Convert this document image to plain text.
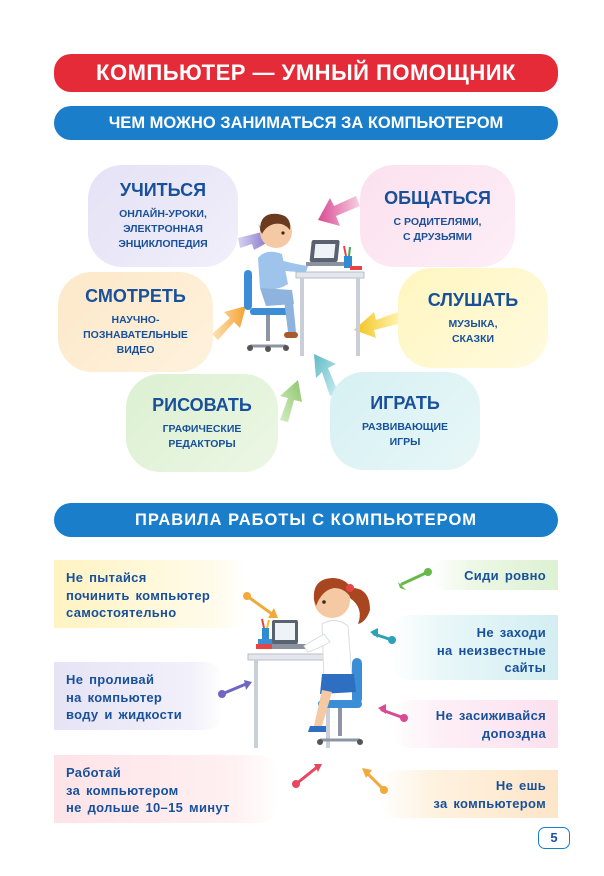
КОМПЬЮТЕР — УМНЫЙ ПОМОЩНИК
ЧЕМ МОЖНО ЗАНИМАТЬСЯ ЗА КОМПЬЮТЕРОМ
УЧИТЬСЯ
ОНЛАЙН-УРОКИ,
ЭЛЕКТРОННАЯ
ЭНЦИКЛОПЕДИЯ
ОБЩАТЬСЯ
С РОДИТЕЛЯМИ,
С ДРУЗЬЯМИ
СМОТРЕТЬ
НАУЧНО-
ПОЗНАВАТЕЛЬНЫЕ
ВИДЕО
СЛУШАТЬ
МУЗЫКА,
СКАЗКИ
РИСОВАТЬ
ГРАФИЧЕСКИЕ
РЕДАКТОРЫ
ИГРАТЬ
РАЗВИВАЮЩИЕ
ИГРЫ
ПРАВИЛА РАБОТЫ С КОМПЬЮТЕРОМ
Не пытайся
починить компьютер
самостоятельно
Не проливай
на компьютер
воду и жидкости
Работай
за компьютером
не дольше 10–15 минут
Сиди ровно
Не заходи
на неизвестные
сайты
Не засиживайся
допоздна
Не ешь
за компьютером
5
